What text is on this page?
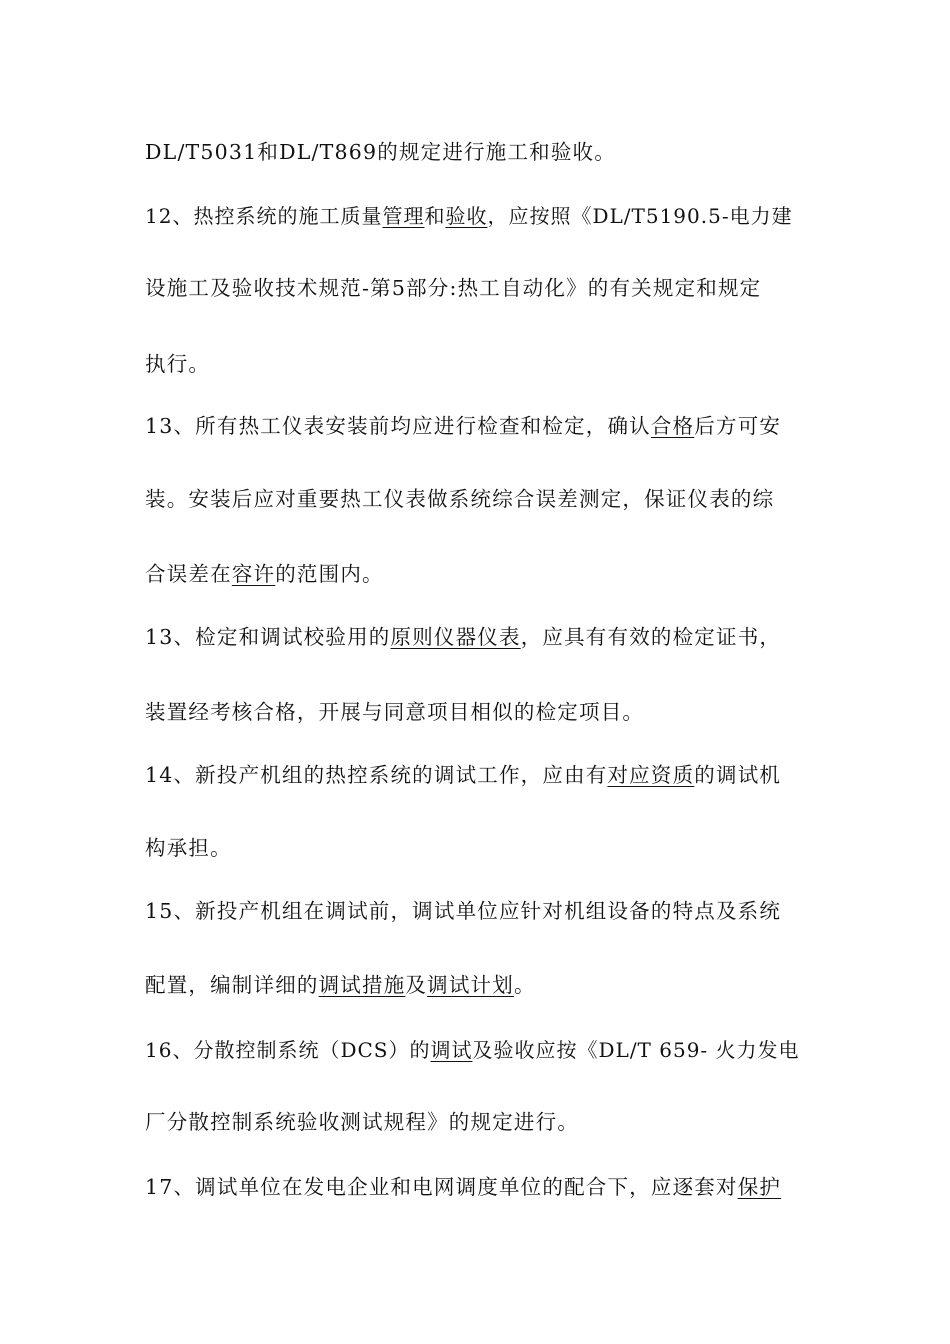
DL/T5031和DL/T869的规定进行施工和验收。
12、热控系统的施工质量管理和验收，应按照《DL/T5190.5-电力建
设施工及验收技术规范-第5部分:热工自动化》的有关规定和规定
执行。
13、所有热工仪表安装前均应进行检查和检定，确认合格后方可安
装。安装后应对重要热工仪表做系统综合误差测定，保证仪表的综
合误差在容许的范围内。
13、检定和调试校验用的原则仪器仪表，应具有有效的检定证书，
装置经考核合格，开展与同意项目相似的检定项目。
14、新投产机组的热控系统的调试工作，应由有对应资质的调试机
构承担。
15、新投产机组在调试前，调试单位应针对机组设备的特点及系统
配置，编制详细的调试措施及调试计划。
16、分散控制系统（DCS）的调试及验收应按《DL/T 659- 火力发电
厂分散控制系统验收测试规程》的规定进行。
17、调试单位在发电企业和电网调度单位的配合下，应逐套对保护
